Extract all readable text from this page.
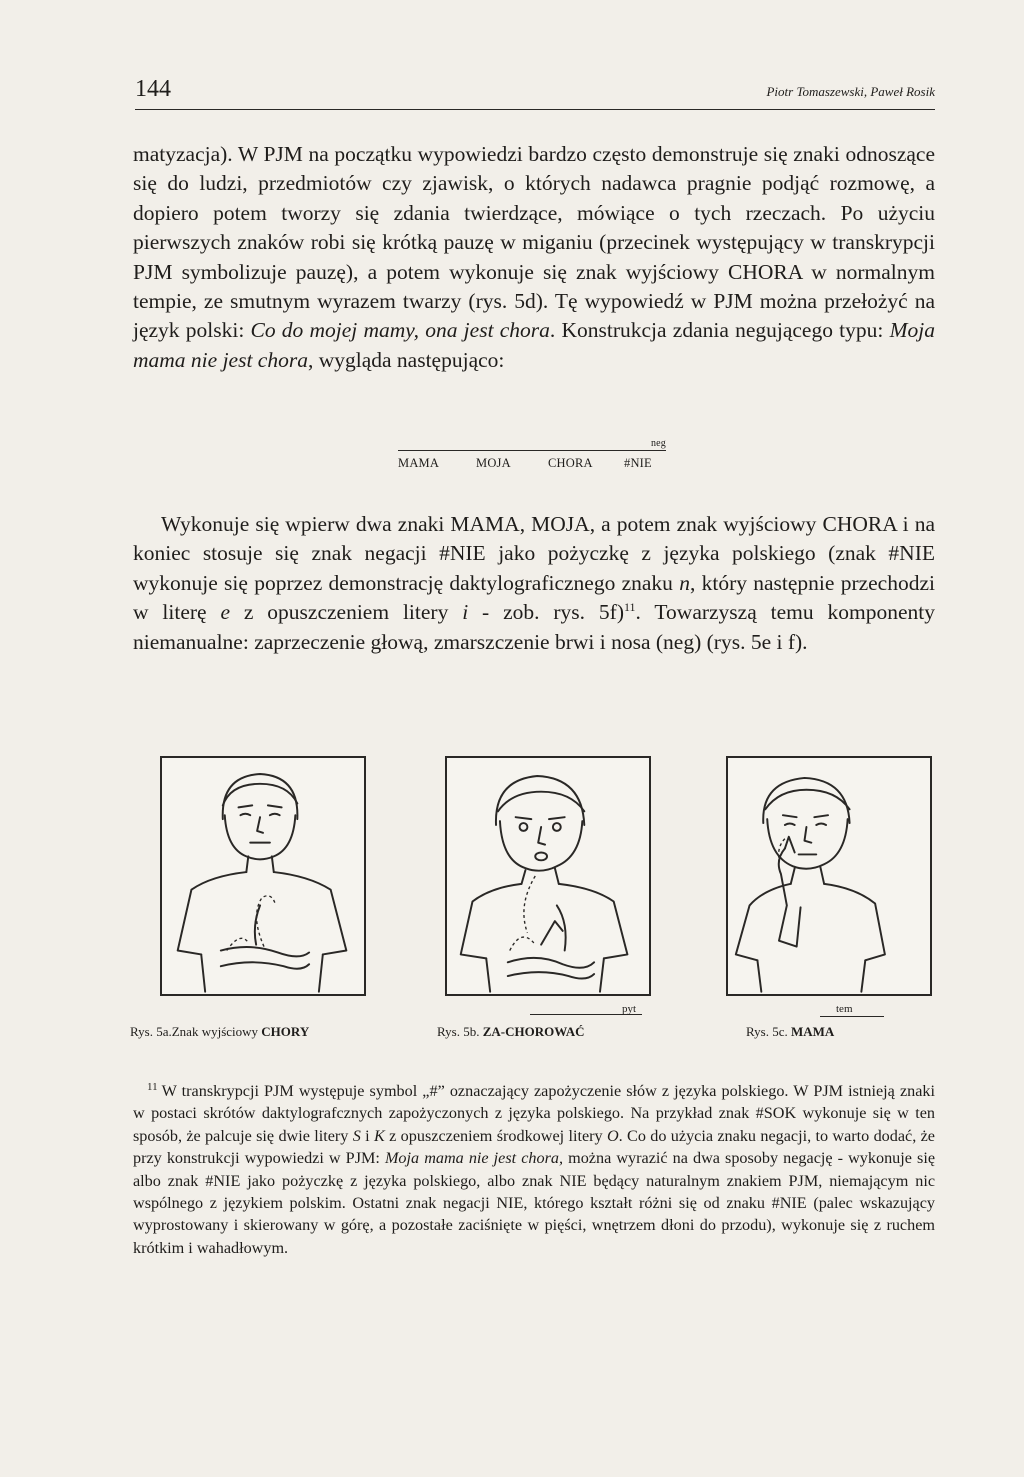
144	Piotr Tomaszewski, Paweł Rosik

matyzacja). W PJM na początku wypowiedzi bardzo często demonstruje się znaki odnoszące się do ludzi, przedmiotów czy zjawisk, o których nadawca pragnie podjąć rozmowę, a dopiero potem tworzy się zdania twierdzące, mówiące o tych rzeczach. Po użyciu pierwszych znaków robi się krótką pauzę w miganiu (przecinek występujący w transkrypcji PJM symbolizuje pauzę), a potem wykonuje się znak wyjściowy CHORA w normalnym tempie, ze smutnym wyrazem twarzy (rys. 5d). Tę wypowiedź w PJM można przełożyć na język polski: Co do mojej mamy, ona jest chora. Konstrukcja zdania negującego typu: Moja mama nie jest chora, wygląda następująco:

neg
MAMA	MOJA	CHORA #NIE

Wykonuje się wpierw dwa znaki MAMA, MOJA, a potem znak wyjściowy CHORA i na koniec stosuje się znak negacji #NIE jako pożyczkę z języka polskiego (znak #NIE wykonuje się poprzez demonstrację daktylograficznego znaku n, który następnie przechodzi w literę e z opuszczeniem litery i - zob. rys. 5f)$^{11}$. Towarzyszą temu komponenty niemanualne: zaprzeczenie głową, zmarszczenie brwi i nosa (neg) (rys. 5e i f).

Rys. 5a.Znak wyjściowy CHORY
pyt
Rys. 5b. ZA-CHOROWAĆ
tem
Rys. 5c. MAMA

$^{11}$ W transkrypcji PJM występuje symbol „#” oznaczający zapożyczenie słów z języka polskiego. W PJM istnieją znaki w postaci skrótów daktylografcznych zapożyczonych z języka polskiego. Na przykład znak #SOK wykonuje się w ten sposób, że palcuje się dwie litery S i K z opuszczeniem środkowej litery O. Co do użycia znaku negacji, to warto dodać, że przy konstrukcji wypowiedzi w PJM: Moja mama nie jest chora, można wyrazić na dwa sposoby negację - wykonuje się albo znak #NIE jako pożyczkę z języka polskiego, albo znak NIE będący naturalnym znakiem PJM, niemającym nic wspólnego z językiem polskim. Ostatni znak negacji NIE, którego kształt różni się od znaku #NIE (palec wskazujący wyprostowany i skierowany w górę, a pozostałe zaciśnięte w pięści, wnętrzem dłoni do przodu), wykonuje się z ruchem krótkim i wahadłowym.
